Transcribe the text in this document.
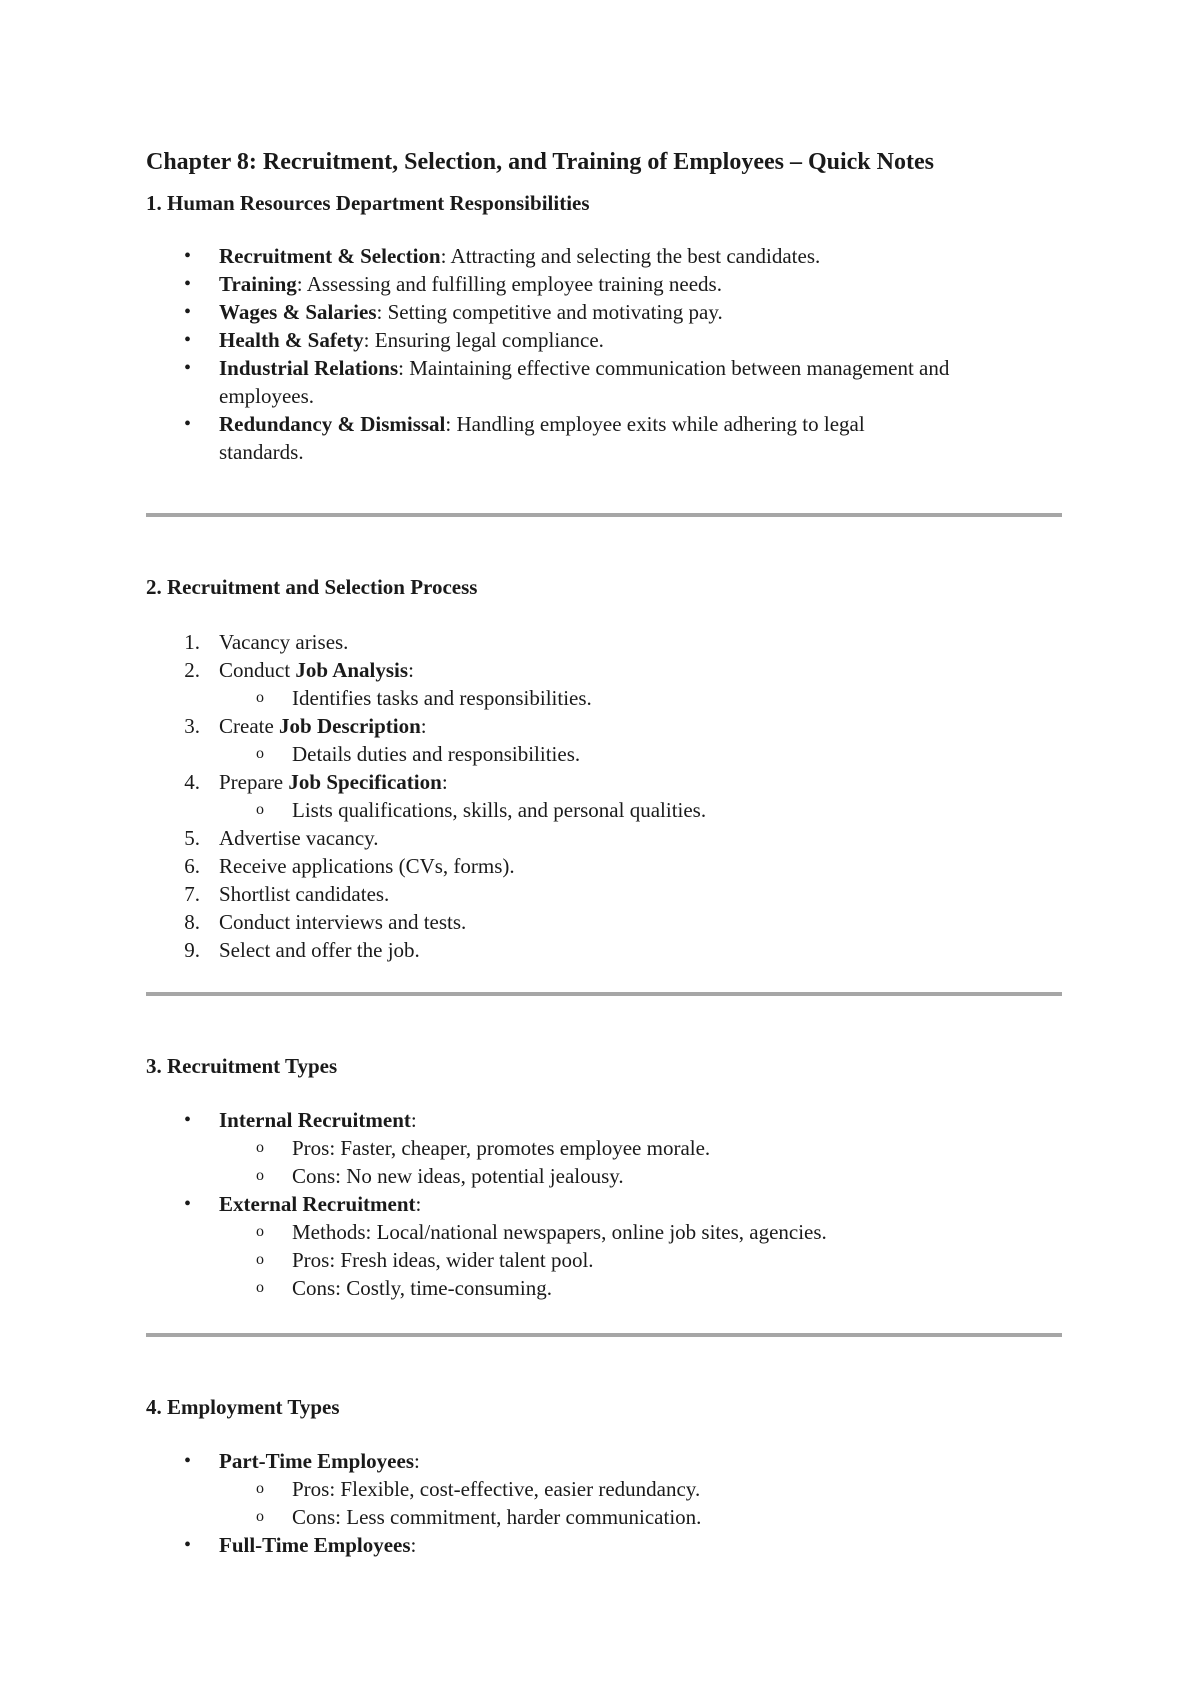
Chapter 8: Recruitment, Selection, and Training of Employees – Quick Notes
1. Human Resources Department Responsibilities
• Recruitment & Selection: Attracting and selecting the best candidates.
• Training: Assessing and fulfilling employee training needs.
• Wages & Salaries: Setting competitive and motivating pay.
• Health & Safety: Ensuring legal compliance.
• Industrial Relations: Maintaining effective communication between management and employees.
• Redundancy & Dismissal: Handling employee exits while adhering to legal standards.
2. Recruitment and Selection Process
1. Vacancy arises.
2. Conduct Job Analysis:
o Identifies tasks and responsibilities.
3. Create Job Description:
o Details duties and responsibilities.
4. Prepare Job Specification:
o Lists qualifications, skills, and personal qualities.
5. Advertise vacancy.
6. Receive applications (CVs, forms).
7. Shortlist candidates.
8. Conduct interviews and tests.
9. Select and offer the job.
3. Recruitment Types
• Internal Recruitment:
o Pros: Faster, cheaper, promotes employee morale.
o Cons: No new ideas, potential jealousy.
• External Recruitment:
o Methods: Local/national newspapers, online job sites, agencies.
o Pros: Fresh ideas, wider talent pool.
o Cons: Costly, time-consuming.
4. Employment Types
• Part-Time Employees:
o Pros: Flexible, cost-effective, easier redundancy.
o Cons: Less commitment, harder communication.
• Full-Time Employees:
